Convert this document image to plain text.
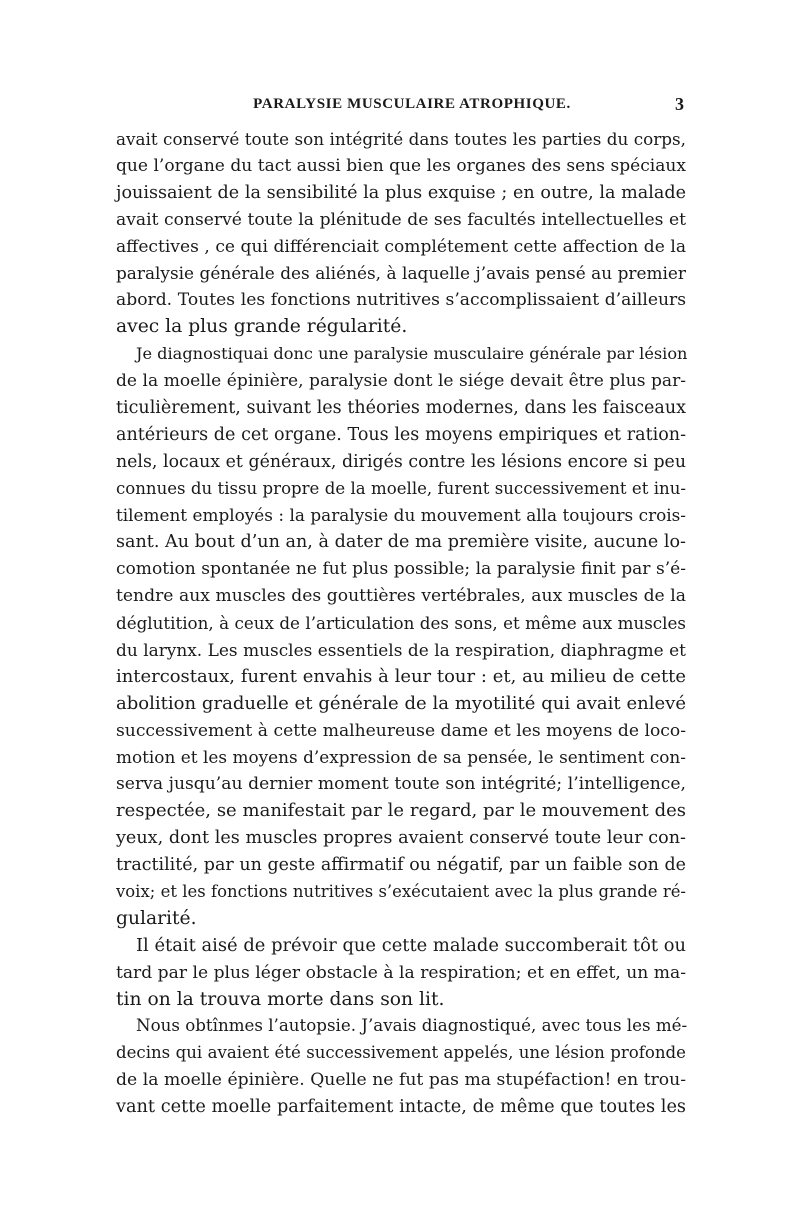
PARALYSIE MUSCULAIRE ATROPHIQUE.	3
avait conservé toute son intégrité dans toutes les parties du corps,
que l’organe du tact aussi bien que les organes des sens spéciaux
jouissaient de la sensibilité la plus exquise ; en outre, la malade
avait conservé toute la plénitude de ses facultés intellectuelles et
affectives , ce qui différenciait complétement cette affection de la
paralysie générale des aliénés, à laquelle j’avais pensé au premier
abord. Toutes les fonctions nutritives s’accomplissaient d’ailleurs
avec la plus grande régularité.
Je diagnostiquai donc une paralysie musculaire générale par lésion
de la moelle épinière, paralysie dont le siége devait être plus par-
ticulièrement, suivant les théories modernes, dans les faisceaux
antérieurs de cet organe. Tous les moyens empiriques et ration-
nels, locaux et généraux, dirigés contre les lésions encore si peu
connues du tissu propre de la moelle, furent successivement et inu-
tilement employés : la paralysie du mouvement alla toujours crois-
sant. Au bout d’un an, à dater de ma première visite, aucune lo-
comotion spontanée ne fut plus possible; la paralysie finit par s’é-
tendre aux muscles des gouttières vertébrales, aux muscles de la
déglutition, à ceux de l’articulation des sons, et même aux muscles
du larynx. Les muscles essentiels de la respiration, diaphragme et
intercostaux, furent envahis à leur tour : et, au milieu de cette
abolition graduelle et générale de la myotilité qui avait enlevé
successivement à cette malheureuse dame et les moyens de loco-
motion et les moyens d’expression de sa pensée, le sentiment con-
serva jusqu’au dernier moment toute son intégrité; l’intelligence,
respectée, se manifestait par le regard, par le mouvement des
yeux, dont les muscles propres avaient conservé toute leur con-
tractilité, par un geste affirmatif ou négatif, par un faible son de
voix; et les fonctions nutritives s’exécutaient avec la plus grande ré-
gularité.
Il était aisé de prévoir que cette malade succomberait tôt ou
tard par le plus léger obstacle à la respiration; et en effet, un ma-
tin on la trouva morte dans son lit.
Nous obtînmes l’autopsie. J’avais diagnostiqué, avec tous les mé-
decins qui avaient été successivement appelés, une lésion profonde
de la moelle épinière. Quelle ne fut pas ma stupéfaction! en trou-
vant cette moelle parfaitement intacte, de même que toutes les
